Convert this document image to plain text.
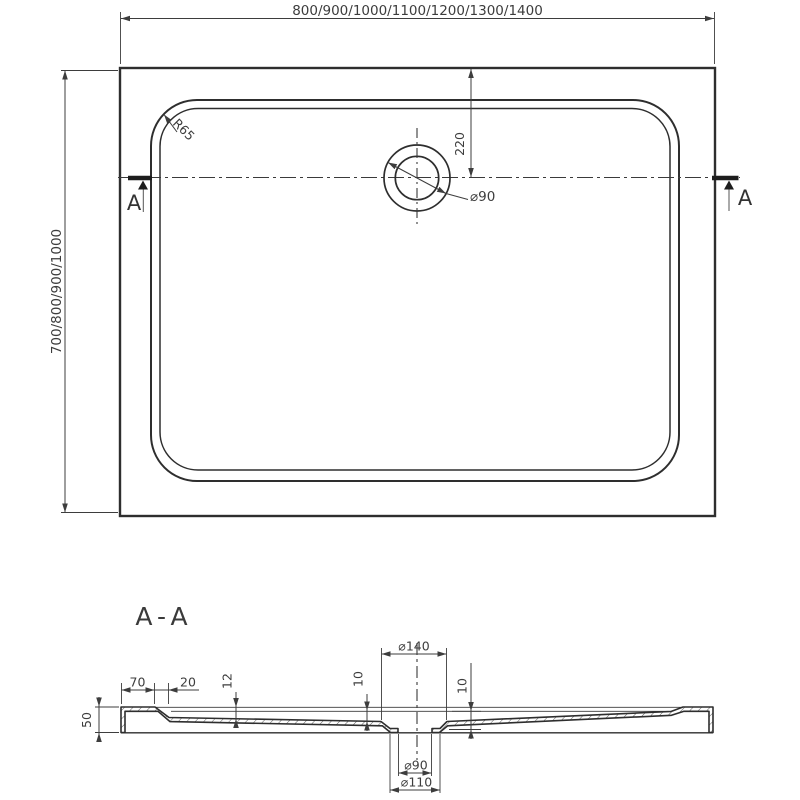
800/900/1000/1100/1200/1300/1400
700/800/900/1000
R65
220
⌀90
A	A
A-A
70	20 12	10	10
50
⌀140
⌀90
⌀110
